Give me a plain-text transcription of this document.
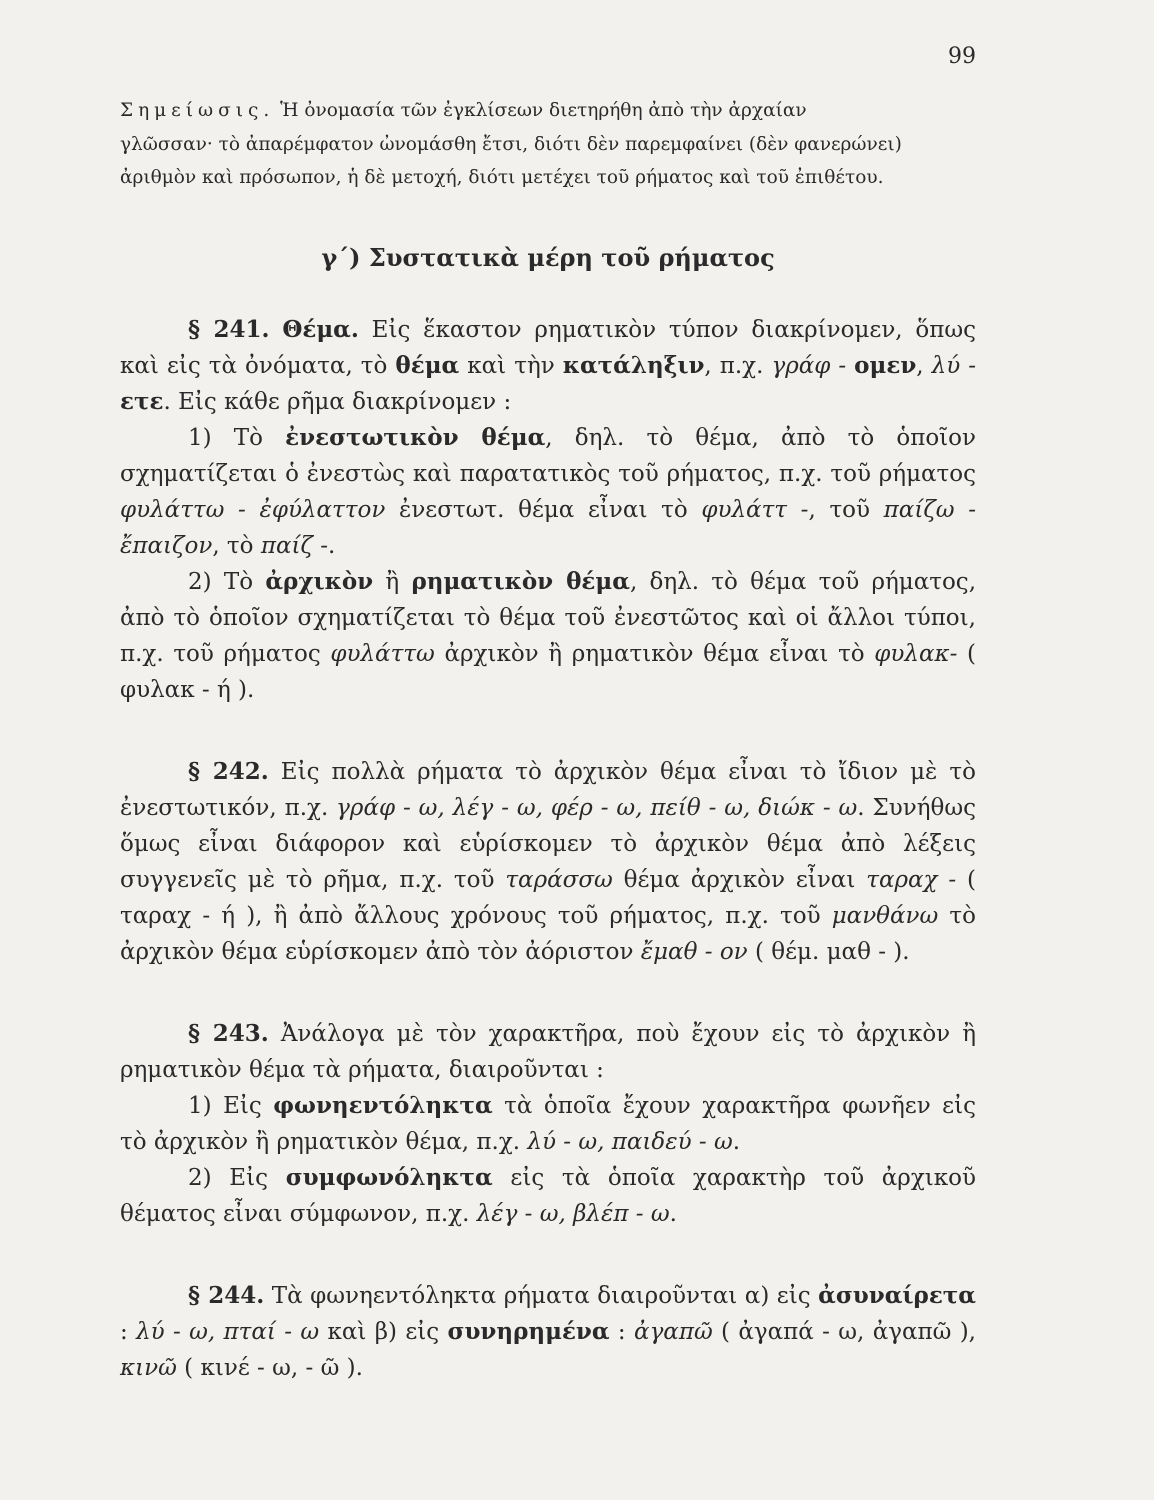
99

Σημείωσις. Ἡ ὀνομασία τῶν ἐγκλίσεων διετηρήθη ἀπὸ τὴν ἀρχαίαν
γλῶσσαν· τὸ ἀπαρέμφατον ὠνομάσθη ἔτσι, διότι δὲν παρεμφαίνει (δὲν φανερώνει)
ἀριθμὸν καὶ πρόσωπον, ἡ δὲ μετοχή, διότι μετέχει τοῦ ρήματος καὶ τοῦ ἐπιθέτου.

γ´) Συστατικὰ μέρη τοῦ ρήματος

§ 241. Θέμα. Εἰς ἕκαστον ρηματικὸν τύπον διακρίνομεν, ὅπως καὶ εἰς τὰ ὀνόματα, τὸ θέμα καὶ τὴν κατάληξιν, π.χ. γράφ - ομεν, λύ - ετε. Εἰς κάθε ρῆμα διακρίνομεν :

1) Τὸ ἐνεστωτικὸν θέμα, δηλ. τὸ θέμα, ἀπὸ τὸ ὁποῖον σχηματίζεται ὁ ἐνεστὼς καὶ παρατατικὸς τοῦ ρήματος, π.χ. τοῦ ρήματος φυλάττω - ἐφύλαττον ἐνεστωτ. θέμα εἶναι τὸ φυλάττ -, τοῦ παίζω - ἔπαιζον, τὸ παίζ -.

2) Τὸ ἀρχικὸν ἢ ρηματικὸν θέμα, δηλ. τὸ θέμα τοῦ ρήματος, ἀπὸ τὸ ὁποῖον σχηματίζεται τὸ θέμα τοῦ ἐνεστῶτος καὶ οἱ ἄλλοι τύποι, π.χ. τοῦ ρήματος φυλάττω ἀρχικὸν ἢ ρηματικὸν θέμα εἶναι τὸ φυλακ- ( φυλακ - ή ).

§ 242. Εἰς πολλὰ ρήματα τὸ ἀρχικὸν θέμα εἶναι τὸ ἴδιον μὲ τὸ ἐνεστωτικόν, π.χ. γράφ - ω, λέγ - ω, φέρ - ω, πείθ - ω, διώκ - ω. Συνήθως ὅμως εἶναι διάφορον καὶ εὑρίσκομεν τὸ ἀρχικὸν θέμα ἀπὸ λέξεις συγγενεῖς μὲ τὸ ρῆμα, π.χ. τοῦ ταράσσω θέμα ἀρχικὸν εἶναι ταραχ - ( ταραχ - ή ), ἢ ἀπὸ ἄλλους χρόνους τοῦ ρήματος, π.χ. τοῦ μανθάνω τὸ ἀρχικὸν θέμα εὑρίσκομεν ἀπὸ τὸν ἀόριστον ἔμαθ - ον ( θέμ. μαθ - ).

§ 243. Ἀνάλογα μὲ τὸν χαρακτῆρα, ποὺ ἔχουν εἰς τὸ ἀρχικὸν ἢ ρηματικὸν θέμα τὰ ρήματα, διαιροῦνται :

1) Εἰς φωνηεντόληκτα τὰ ὁποῖα ἔχουν χαρακτῆρα φωνῆεν εἰς τὸ ἀρχικὸν ἢ ρηματικὸν θέμα, π.χ. λύ - ω, παιδεύ - ω.

2) Εἰς συμφωνόληκτα εἰς τὰ ὁποῖα χαρακτὴρ τοῦ ἀρχικοῦ θέματος εἶναι σύμφωνον, π.χ. λέγ - ω, βλέπ - ω.

§ 244. Τὰ φωνηεντόληκτα ρήματα διαιροῦνται α) εἰς ἀσυναίρετα : λύ - ω, πταί - ω καὶ β) εἰς συνηρημένα : ἀγαπῶ ( ἀγαπά - ω, ἀγαπῶ ), κινῶ ( κινέ - ω, - ῶ ).
